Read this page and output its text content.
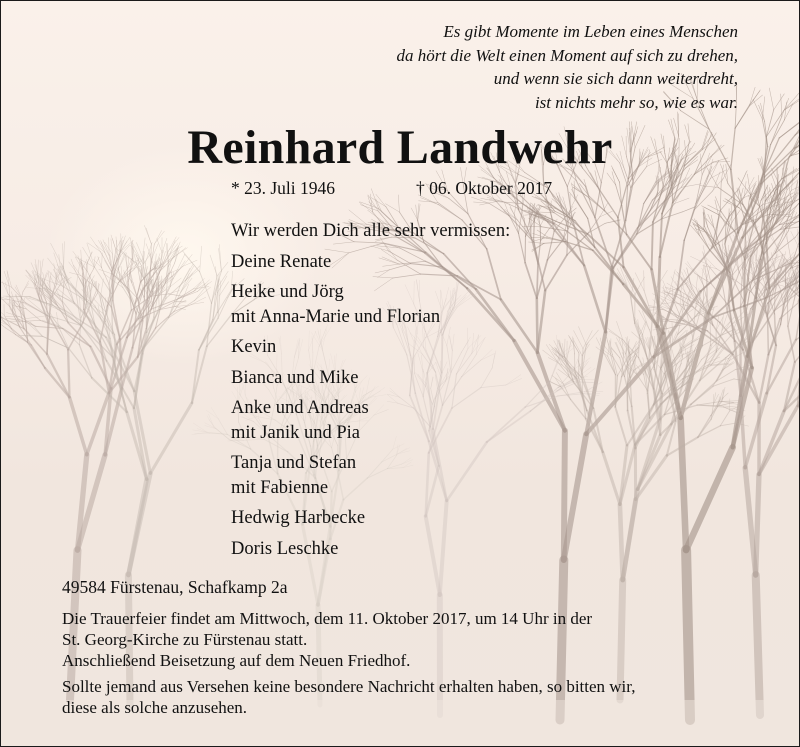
Es gibt Momente im Leben eines Menschen
da hört die Welt einen Moment auf sich zu drehen,
und wenn sie sich dann weiterdreht,
ist nichts mehr so, wie es war.
Reinhard Landwehr
* 23. Juli 1946	† 06. Oktober 2017
Wir werden Dich alle sehr vermissen:
Deine Renate
Heike und Jörg
mit Anna-Marie und Florian
Kevin
Bianca und Mike
Anke und Andreas
mit Janik und Pia
Tanja und Stefan
mit Fabienne
Hedwig Harbecke
Doris Leschke
49584 Fürstenau, Schafkamp 2a

Die Trauerfeier findet am Mittwoch, dem 11. Oktober 2017, um 14 Uhr in der

St. Georg-Kirche zu Fürstenau statt.

Anschließend Beisetzung auf dem Neuen Friedhof.

Sollte jemand aus Versehen keine besondere Nachricht erhalten haben, so bitten wir,

diese als solche anzusehen.
